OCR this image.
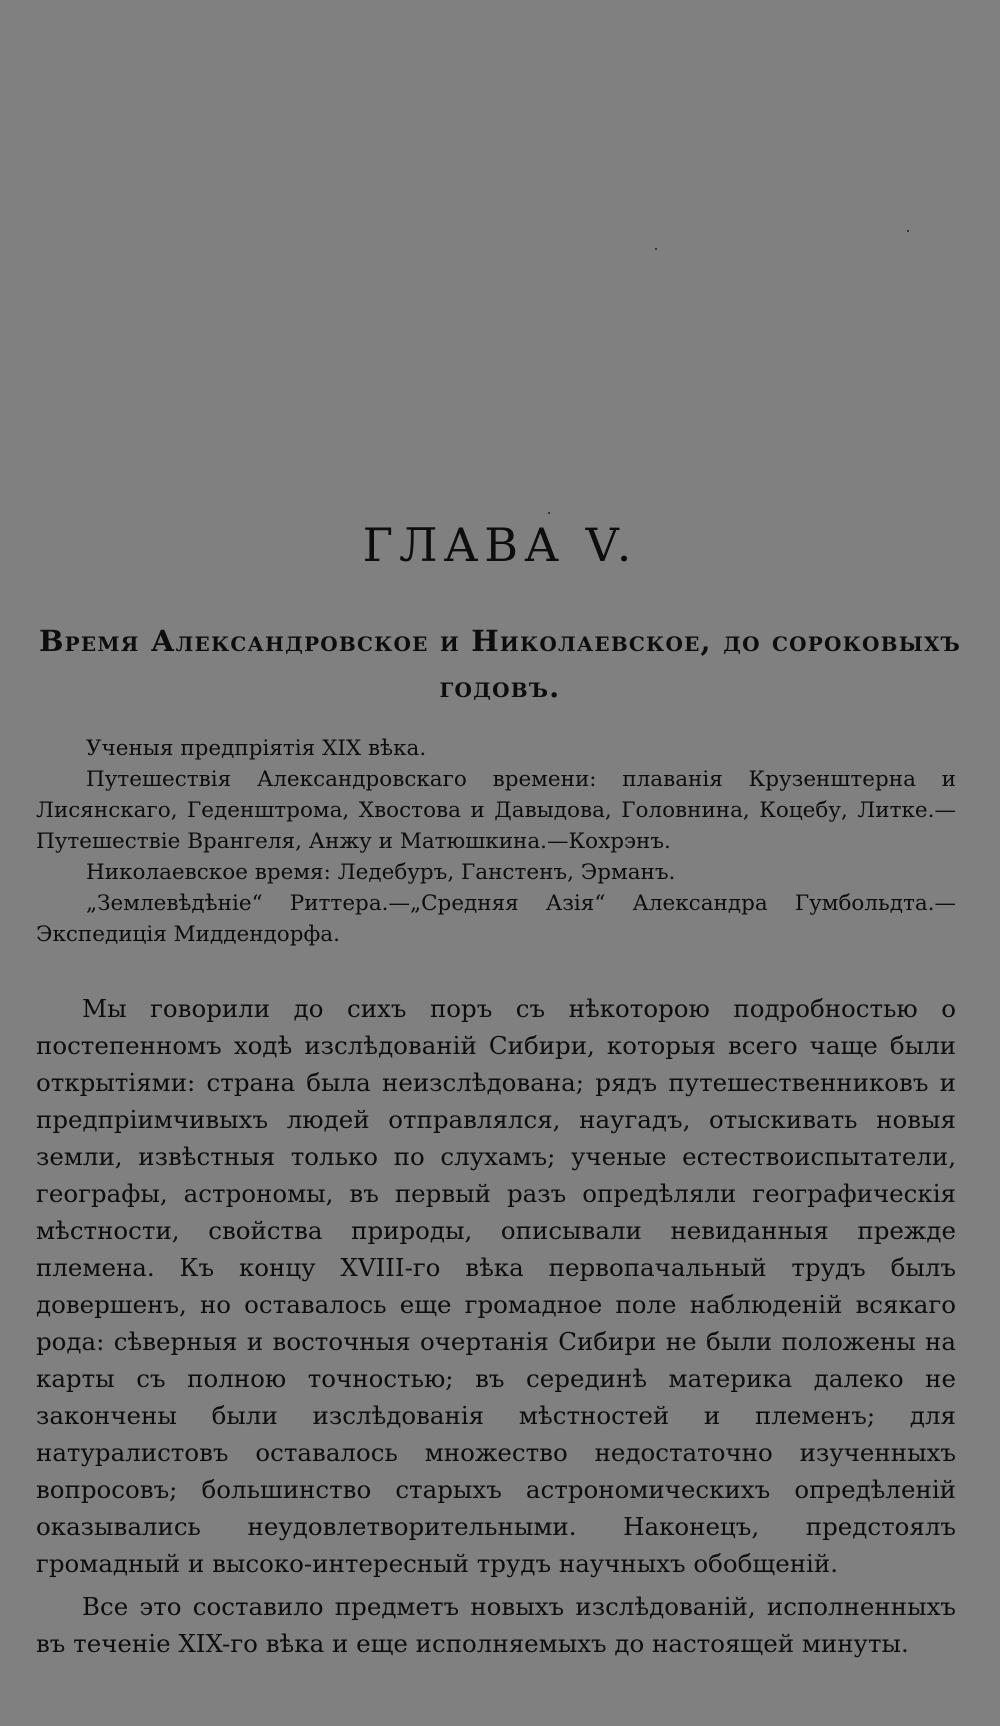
ГЛАВА V.
Время Александровское и Николаевское, до сороковыхъ годовъ.

Ученыя предпріятія XIX вѣка.

Путешествія Александровскаго времени: плаванія Крузенштерна и Лисянскаго, Геденштрома, Хвостова и Давыдова, Головнина, Коцебу, Литке.—Путешествіе Врангеля, Анжу и Матюшкина.—Кохрэнъ.

Николаевское время: Ледебуръ, Ганстенъ, Эрманъ.

„Землевѣдѣніе“ Риттера.—„Средняя Азія“ Александра Гумбольдта.—Экспедиція Миддендорфа.

Мы говорили до сихъ поръ съ нѣкоторою подробностью о постепенномъ ходѣ изслѣдованій Сибири, которыя всего чаще были открытіями: страна была неизслѣдована; рядъ путешественниковъ и предпріимчивыхъ людей отправлялся, наугадъ, отыскивать новыя земли, извѣстныя только по слухамъ; ученые естествоиспытатели, географы, астрономы, въ первый разъ опредѣляли географическія мѣстности, свойства природы, описывали невиданныя прежде племена. Къ концу XVIII-го вѣка первопачальный трудъ былъ довершенъ, но оставалось еще громадное поле наблюденій всякаго рода: сѣверныя и восточныя очертанія Сибири не были положены на карты съ полною точностью; въ серединѣ материка далеко не закончены были изслѣдованія мѣстностей и племенъ; для натуралистовъ оставалось множество недостаточно изученныхъ вопросовъ; большинство старыхъ астрономическихъ опредѣленій оказывались неудовлетворительными. Наконецъ, предстоялъ громадный и высоко-интересный трудъ научныхъ обобщеній.

Все это составило предметъ новыхъ изслѣдованій, исполненныхъ въ теченіе XIX-го вѣка и еще исполняемыхъ до настоящей минуты.
